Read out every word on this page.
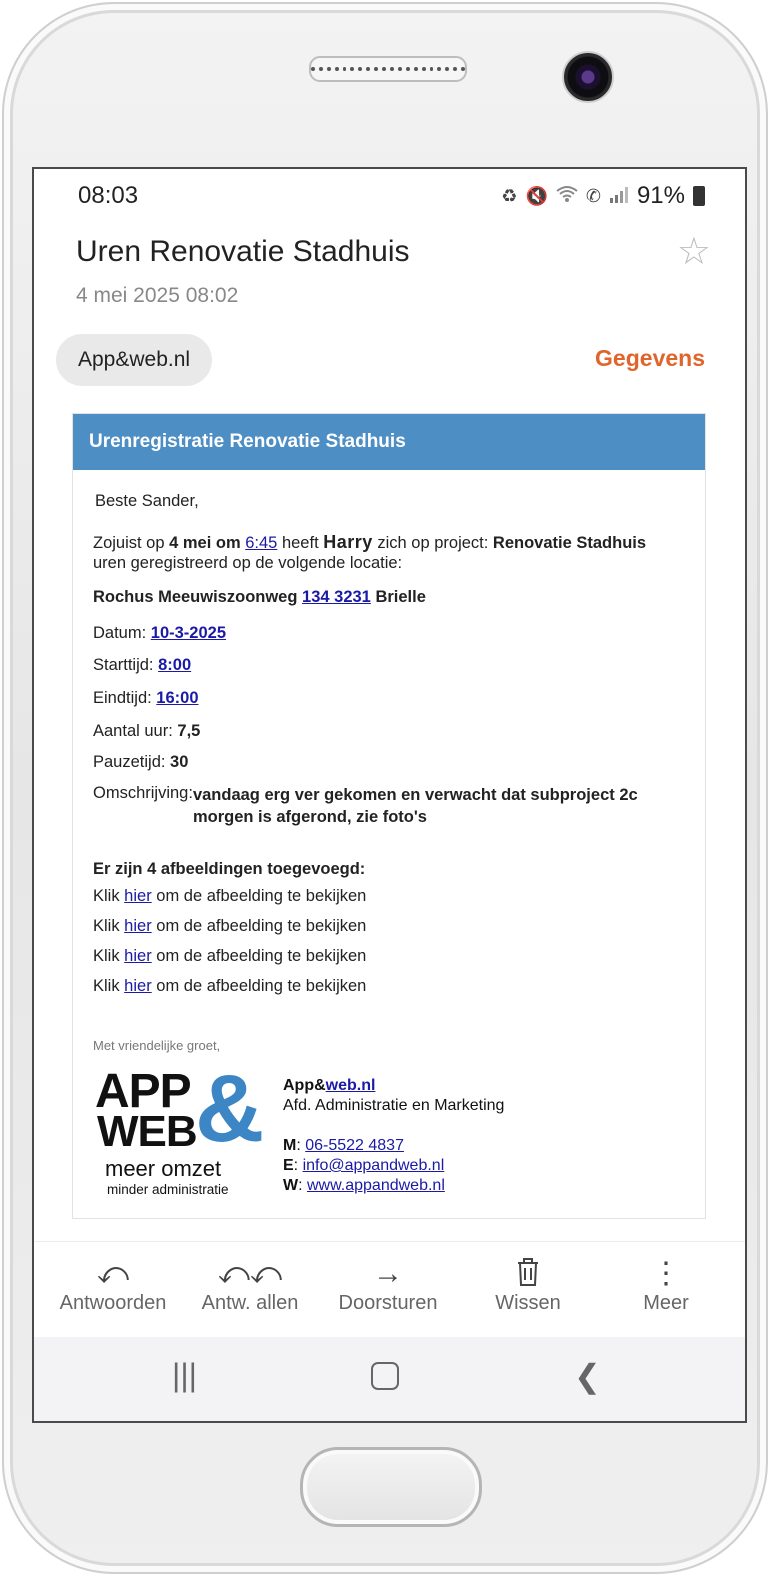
08:03	♻ 🔇 ✆ 91%
Uren Renovatie Stadhuis
4 mei 2025 08:02
☆
App&web.nl	Gegevens
Urenregistratie Renovatie Stadhuis

Beste Sander,

Zojuist op 4 mei om 6:45 heeft Harry zich op project: Renovatie Stadhuis
uren geregistreerd op de volgende locatie:

Rochus Meeuwiszoonweg 134 3231 Brielle

Datum: 10-3-2025

Starttijd: 8:00

Eindtijd: 16:00

Aantal uur: 7,5

Pauzetijd: 30

Omschrijving: vandaag erg ver gekomen en verwacht dat subproject 2c
morgen is afgerond, zie foto's

Er zijn 4 afbeeldingen toegevoegd:

Klik hier om de afbeelding te bekijken

Klik hier om de afbeelding te bekijken

Klik hier om de afbeelding te bekijken

Klik hier om de afbeelding te bekijken

Met vriendelijke groet,

APP
WEB
&
meer omzet
minder administratie
App&web.nl
Afd. Administratie en Marketing
M: 06-5522 4837
E: info@appandweb.nl
W: www.appandweb.nl
⤺
Antwoorden
⤺⤺
Antw. allen
→
Doorsturen	Wissen
⋮
Meer
|||	❮
